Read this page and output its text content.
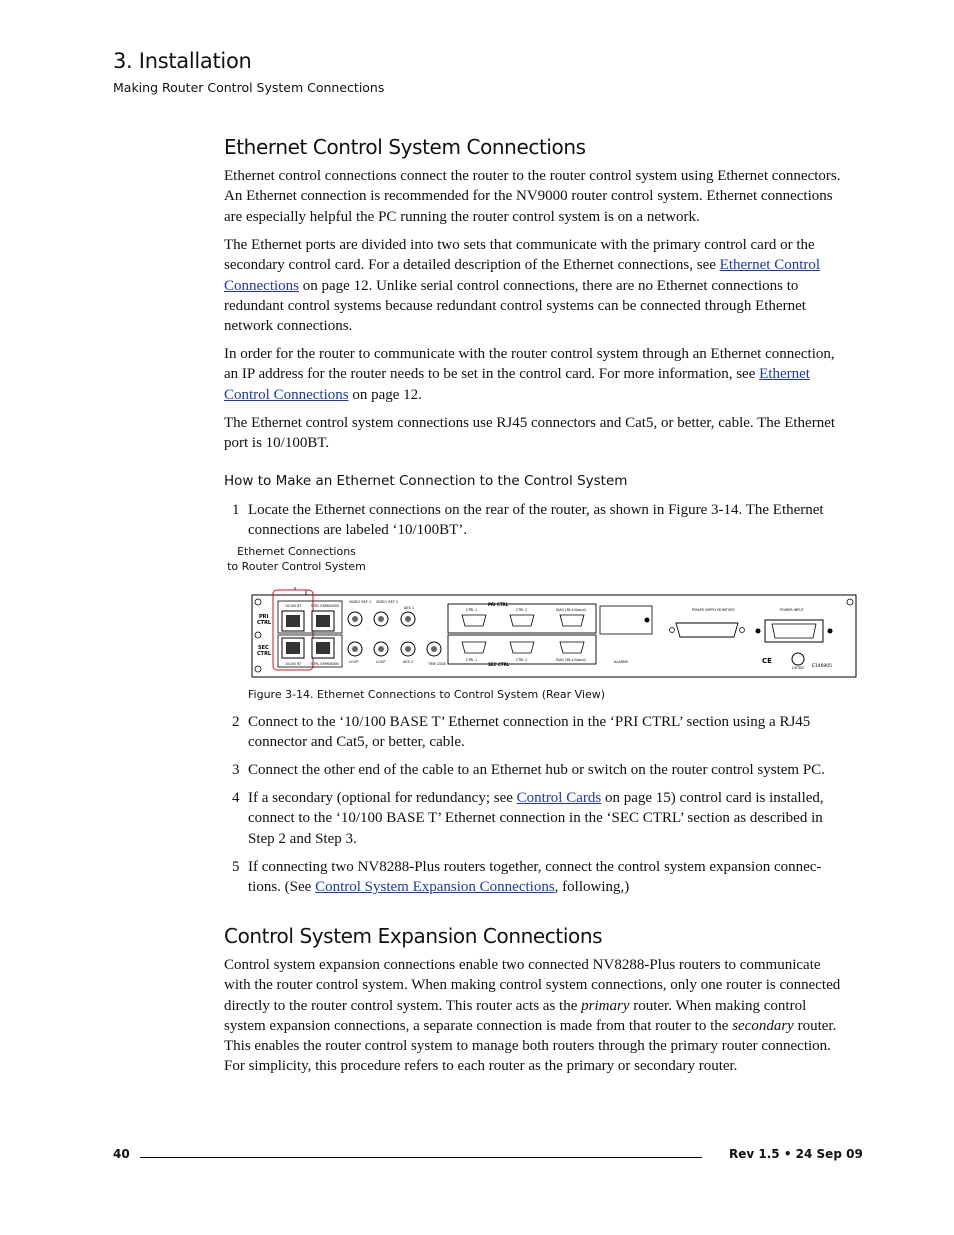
3. Installation
Making Router Control System Connections
Ethernet Control System Connections

Ethernet control connections connect the router to the router control system using Ethernet connectors. An Ethernet connection is recommended for the NV9000 router control system. Ethernet connections are especially helpful the PC running the router control system is on a network.

The Ethernet ports are divided into two sets that communicate with the primary control card or the secondary control card. For a detailed description of the Ethernet connections, see Ethernet Control Connections on page 12. Unlike serial control connections, there are no Ethernet connections to redundant control systems because redundant control systems can be connected through Ethernet network connections.

In order for the router to communicate with the router control system through an Ethernet connection, an IP address for the router needs to be set in the control card. For more information, see Ethernet Control Connections on page 12.

The Ethernet control system connections use RJ45 connectors and Cat5, or better, cable. The Ethernet port is 10/100BT.

How to Make an Ethernet Connection to the Control System
1 Locate the Ethernet connections on the rear of the router, as shown in Figure 3-14. The Ethernet connections are labeled ‘10/100BT’.
Ethernet Connections
to Router Control System
PRI
CTRL
SEC
CTRL
10/100 BT	NTRL EXPANSION
10/100 BT	NTRL EXPANSION
VIDEO REF 1 VIDEO REF 2
AES 1
LOOP	LOOP	AES 2	TIME CODE
PRI CTRL
CTRL 1	CTRL 2	DIAG (38.4 Kbaud)
CTRL 1	CTRL 2	DIAG (38.4 Kbaud)
SEC CTRL	ALARMS
POWER SUPPLY MONITORS	POWER INPUT
CE
LISTED E146905
Figure 3-14. Ethernet Connections to Control System (Rear View)
2 Connect to the ‘10/100 BASE T’ Ethernet connection in the ‘PRI CTRL’ section using a RJ45 connector and Cat5, or better, cable.
3 Connect the other end of the cable to an Ethernet hub or switch on the router control system PC.
4 If a secondary (optional for redundancy; see Control Cards on page 15) control card is installed, connect to the ‘10/100 BASE T’ Ethernet connection in the ‘SEC CTRL’ section as described in Step 2 and Step 3.
5 If connecting two NV8288-Plus routers together, connect the control system expansion connections. (See Control System Expansion Connections, following,)
Control System Expansion Connections

Control system expansion connections enable two connected NV8288-Plus routers to communicate with the router control system. When making control system connections, only one router is connected directly to the router control system. This router acts as the primary router. When making control system expansion connections, a separate connection is made from that router to the secondary router. This enables the router control system to manage both routers through the primary router connection. For simplicity, this procedure refers to each router as the primary or secondary router.

40	Rev 1.5 • 24 Sep 09
